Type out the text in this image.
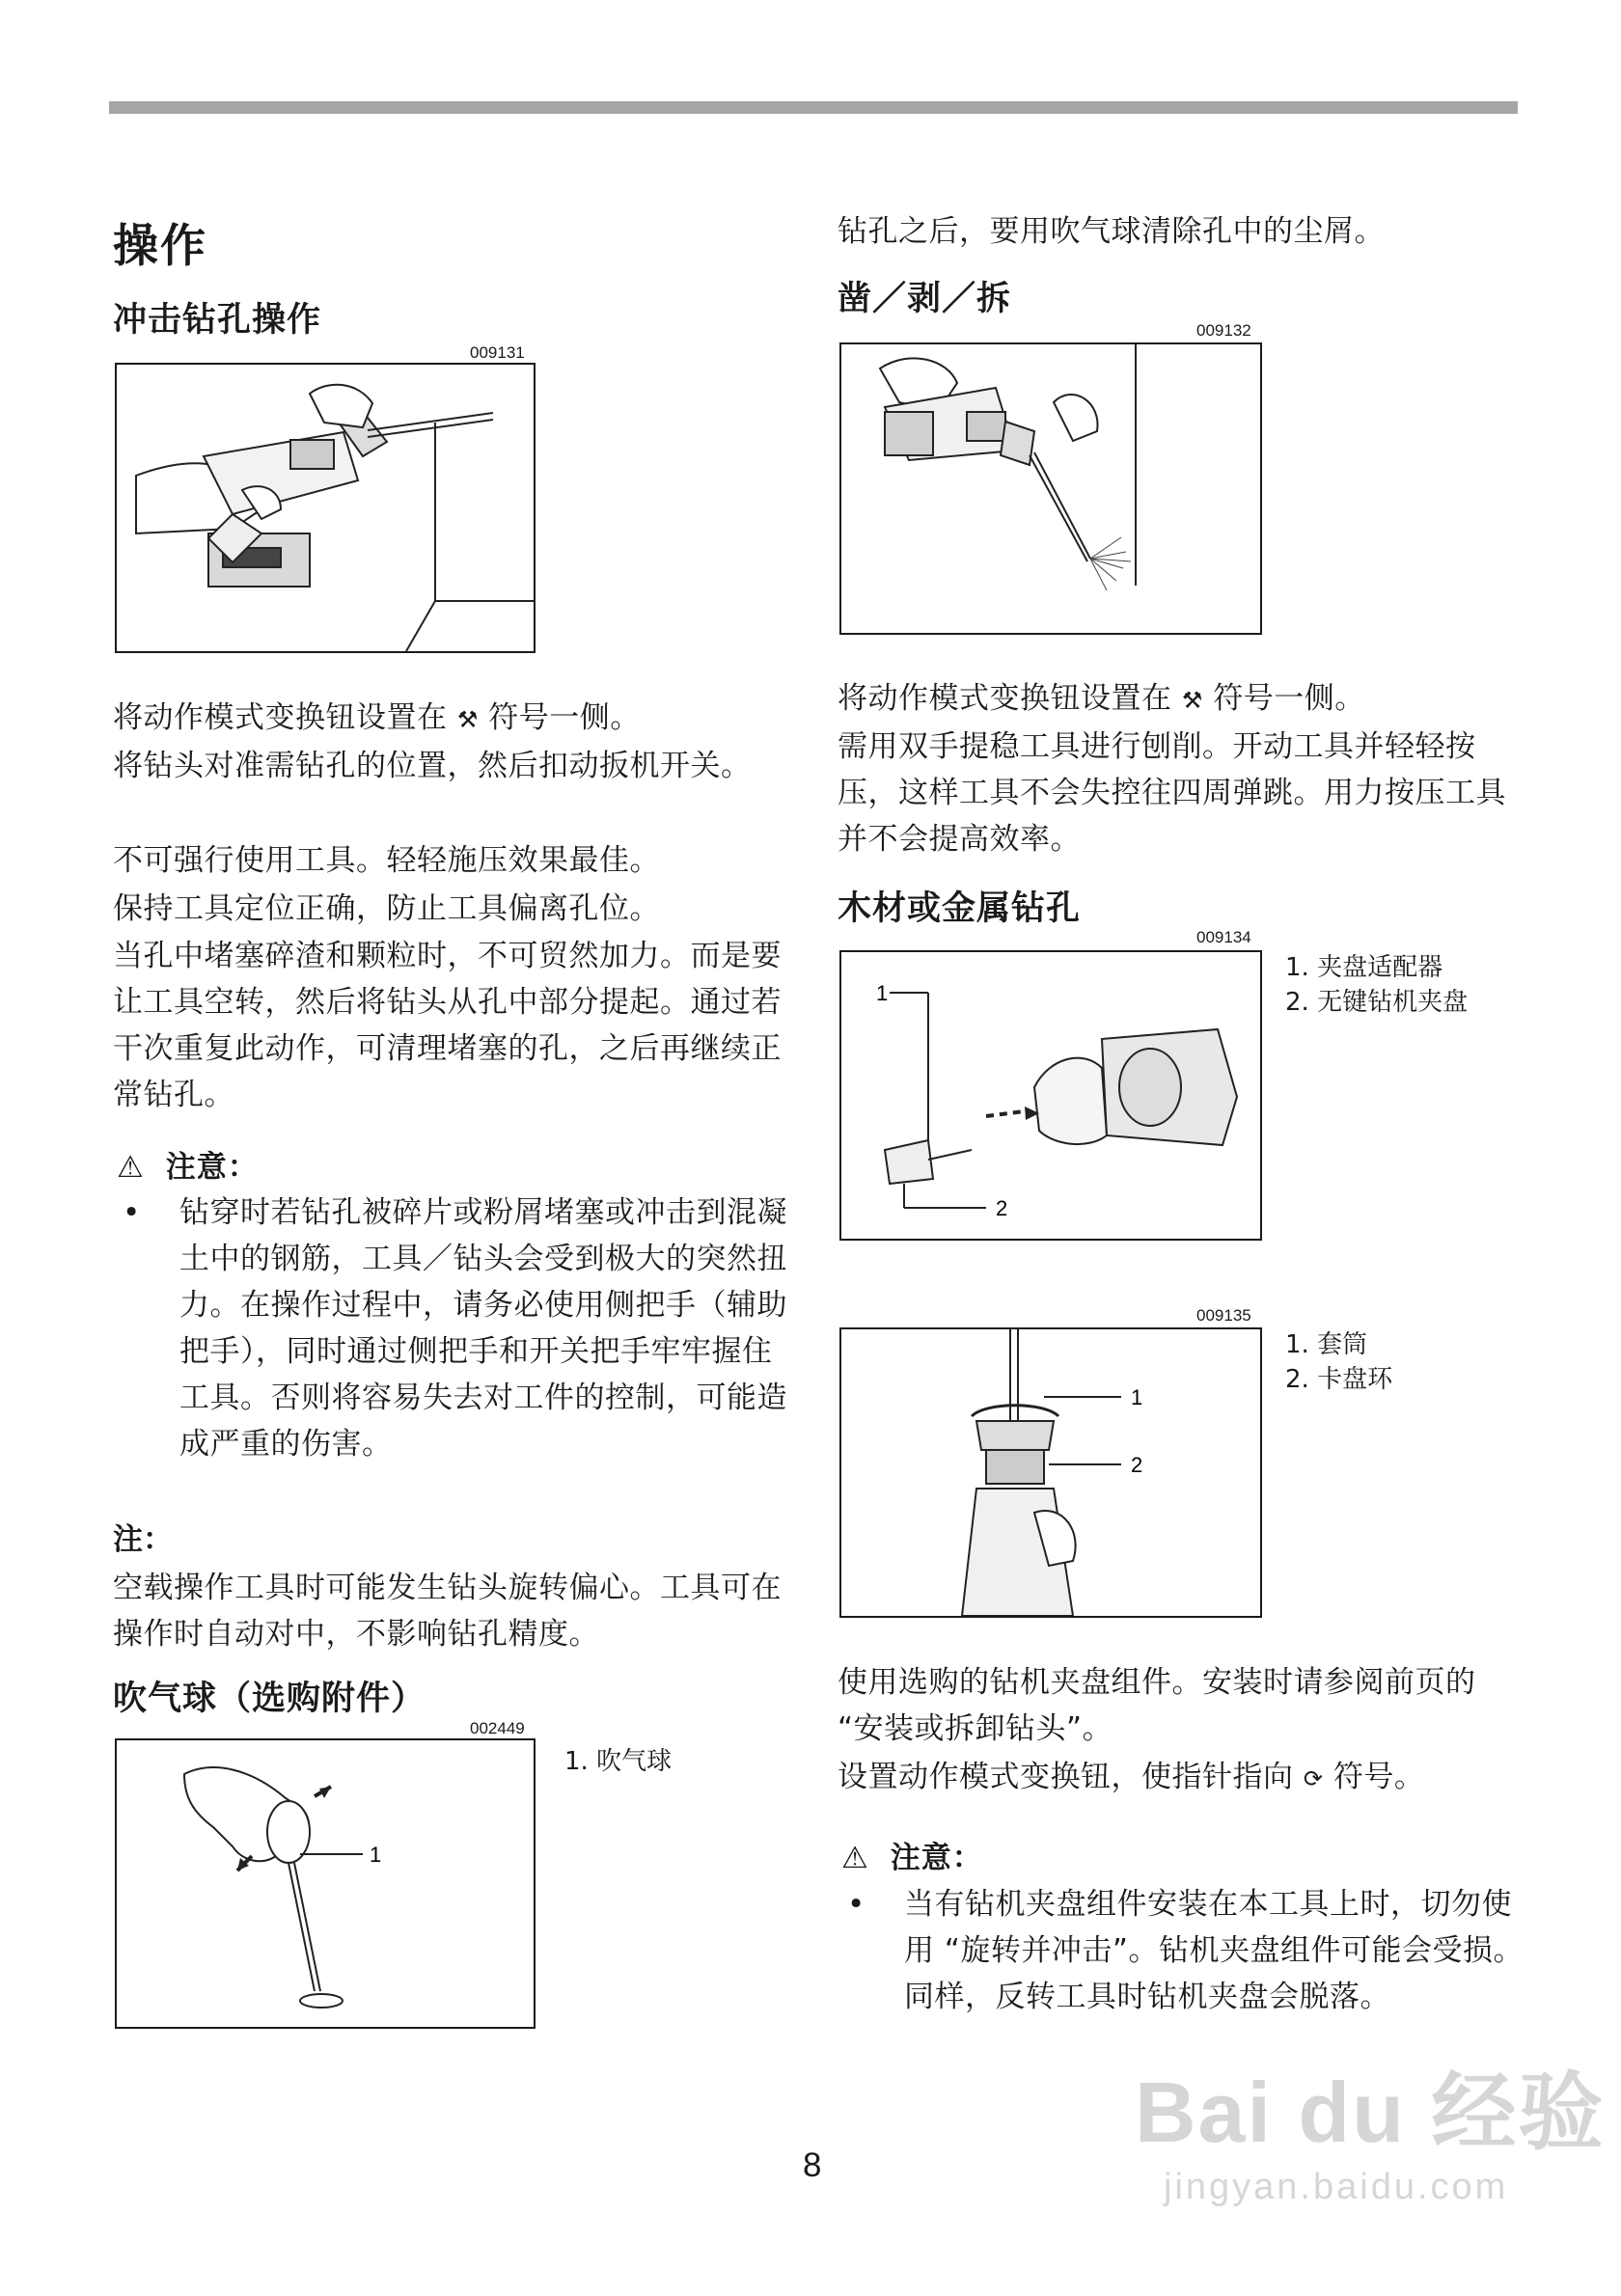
操作
冲击钻孔操作
009131

将动作模式变换钮设置在 ⚒ 符号一侧。

将钻头对准需钻孔的位置，然后扣动扳机开关。

不可强行使用工具。轻轻施压效果最佳。

保持工具定位正确，防止工具偏离孔位。

当孔中堵塞碎渣和颗粒时，不可贸然加力。而是要让工具空转，然后将钻头从孔中部分提起。通过若干次重复此动作，可清理堵塞的孔，之后再继续正常钻孔。

⚠ 注意：
• 钻穿时若钻孔被碎片或粉屑堵塞或冲击到混凝土中的钢筋，工具／钻头会受到极大的突然扭力。在操作过程中，请务必使用侧把手（辅助把手），同时通过侧把手和开关把手牢牢握住工具。否则将容易失去对工件的控制，可能造成严重的伤害。

注：

空载操作工具时可能发生钻头旋转偏心。工具可在操作时自动对中，不影响钻孔精度。

吹气球（选购附件）
002449
1
1. 吹气球

钻孔之后，要用吹气球清除孔中的尘屑。

凿／剥／拆
009132

将动作模式变换钮设置在 ⚒ 符号一侧。

需用双手提稳工具进行刨削。开动工具并轻轻按压，这样工具不会失控往四周弹跳。用力按压工具并不会提高效率。

木材或金属钻孔
009134
1
2
1. 夹盘适配器
2. 无键钻机夹盘
009135
1
2
1. 套筒
2. 卡盘环

使用选购的钻机夹盘组件。安装时请参阅前页的 “安装或拆卸钻头”。

设置动作模式变换钮，使指针指向 ⟳ 符号。

⚠ 注意：
• 当有钻机夹盘组件安装在本工具上时，切勿使用 “旋转并冲击”。钻机夹盘组件可能会受损。同样，反转工具时钻机夹盘会脱落。

8
Bai du 经验
jingyan.baidu.com
